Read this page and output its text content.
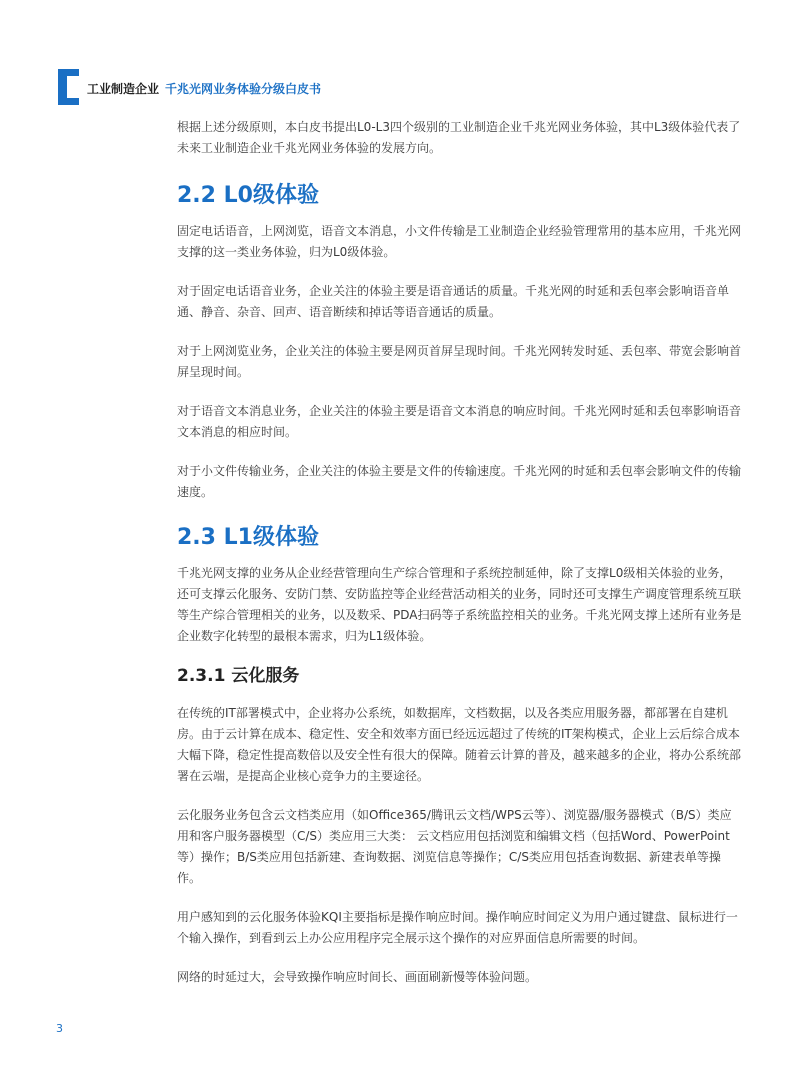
工业制造企业 千兆光网业务体验分级白皮书

根据上述分级原则，本白皮书提出L0-L3四个级别的工业制造企业千兆光网业务体验，其中L3级体验代表了未来工业制造企业千兆光网业务体验的发展方向。

2.2 L0级体验

固定电话语音，上网浏览，语音文本消息，小文件传输是工业制造企业经验管理常用的基本应用，千兆光网支撑的这一类业务体验，归为L0级体验。

对于固定电话语音业务，企业关注的体验主要是语音通话的质量。千兆光网的时延和丢包率会影响语音单通、静音、杂音、回声、语音断续和掉话等语音通话的质量。

对于上网浏览业务，企业关注的体验主要是网页首屏呈现时间。千兆光网转发时延、丢包率、带宽会影响首屏呈现时间。

对于语音文本消息业务，企业关注的体验主要是语音文本消息的响应时间。千兆光网时延和丢包率影响语音文本消息的相应时间。

对于小文件传输业务，企业关注的体验主要是文件的传输速度。千兆光网的时延和丢包率会影响文件的传输速度。

2.3 L1级体验

千兆光网支撑的业务从企业经营管理向生产综合管理和子系统控制延伸，除了支撑L0级相关体验的业务，还可支撑云化服务、安防门禁、安防监控等企业经营活动相关的业务，同时还可支撑生产调度管理系统互联等生产综合管理相关的业务，以及数采、PDA扫码等子系统监控相关的业务。千兆光网支撑上述所有业务是企业数字化转型的最根本需求，归为L1级体验。

2.3.1 云化服务

在传统的IT部署模式中，企业将办公系统，如数据库，文档数据，以及各类应用服务器，都部署在自建机房。由于云计算在成本、稳定性、安全和效率方面已经远远超过了传统的IT架构模式，企业上云后综合成本大幅下降，稳定性提高数倍以及安全性有很大的保障。随着云计算的普及，越来越多的企业，将办公系统部署在云端，是提高企业核心竞争力的主要途径。

云化服务业务包含云文档类应用（如Office365/腾讯云文档/WPS云等）、浏览器/服务器模式（B/S）类应用和客户服务器模型（C/S）类应用三大类： 云文档应用包括浏览和编辑文档（包括Word、PowerPoint等）操作；B/S类应用包括新建、查询数据、浏览信息等操作；C/S类应用包括查询数据、新建表单等操作。

用户感知到的云化服务体验KQI主要指标是操作响应时间。操作响应时间定义为用户通过键盘、鼠标进行一个输入操作，到看到云上办公应用程序完全展示这个操作的对应界面信息所需要的时间。

网络的时延过大，会导致操作响应时间长、画面刷新慢等体验问题。

3
